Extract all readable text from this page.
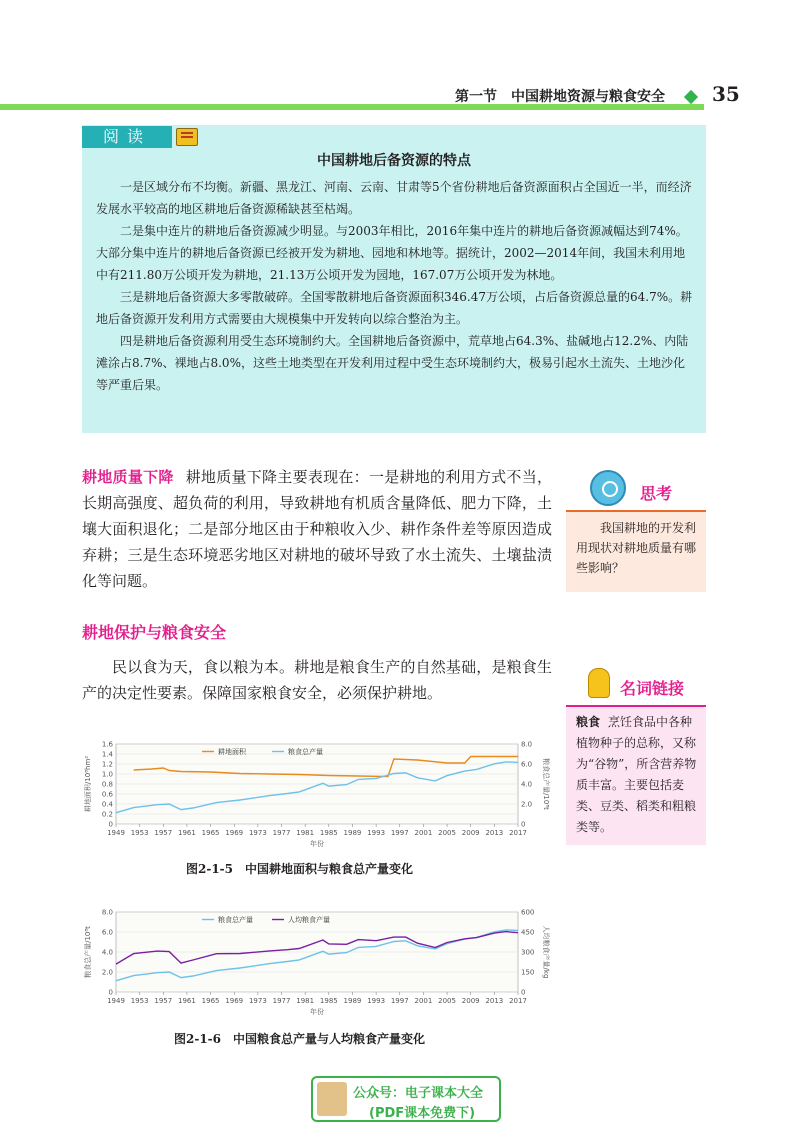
第一节　中国耕地资源与粮食安全 35
阅读
中国耕地后备资源的特点

一是区域分布不均衡。新疆、黑龙江、河南、云南、甘肃等5个省份耕地后备资源面积占全国近一半，而经济发展水平较高的地区耕地后备资源稀缺甚至枯竭。

二是集中连片的耕地后备资源减少明显。与2003年相比，2016年集中连片的耕地后备资源减幅达到74%。大部分集中连片的耕地后备资源已经被开发为耕地、园地和林地等。据统计，2002—2014年间，我国未利用地中有211.80万公顷开发为耕地，21.13万公顷开发为园地，167.07万公顷开发为林地。

三是耕地后备资源大多零散破碎。全国零散耕地后备资源面积346.47万公顷，占后备资源总量的64.7%。耕地后备资源开发利用方式需要由大规模集中开发转向以综合整治为主。

四是耕地后备资源利用受生态环境制约大。全国耕地后备资源中，荒草地占64.3%、盐碱地占12.2%、内陆滩涂占8.7%、裸地占8.0%，这些土地类型在开发利用过程中受生态环境制约大，极易引起水土流失、土地沙化等严重后果。

耕地质量下降 耕地质量下降主要表现在：一是耕地的利用方式不当，长期高强度、超负荷的利用，导致耕地有机质含量降低、肥力下降，土壤大面积退化；二是部分地区由于种粮收入少、耕作条件差等原因造成弃耕；三是生态环境恶劣地区对耕地的破坏导致了水土流失、土壤盐渍化等问题。
思考
我国耕地的开发利用现状对耕地质量有哪些影响？
耕地保护与粮食安全
民以食为天，食以粮为本。耕地是粮食生产的自然基础，是粮食生产的决定性要素。保障国家粮食安全，必须保护耕地。	名词链接
粮食 烹饪食品中各种植物种子的总称，又称为“谷物”，所含营养物质丰富。主要包括麦类、豆类、稻类和粗粮类等。
0
0.2
0.4
0.6
0.8
1.0
1.2
1.4
1.6
0
2.0
4.0
6.0
8.0
1949 1953 1957 1961 1965 1969 1973 1977 1981 1985 1989 1993 1997 2001 2005 2009 2013 2017
年份
耕地面积/10⁸hm²	粮食总产量/10⁸t
耕地面积	粮食总产量
图2-1-5　中国耕地面积与粮食总产量变化
0
2.0
4.0
6.0
8.0
0
150
300
450
600
1949 1953 1957 1961 1965 1969 1973 1977 1981 1985 1989 1993 1997 2001 2005 2009 2013 2017
年份
粮食总产量/10⁸t	人均粮食产量/kg
粮食总产量	人均粮食产量
图2-1-6　中国粮食总产量与人均粮食产量变化
公众号：电子课本大全
(PDF课本免费下)
